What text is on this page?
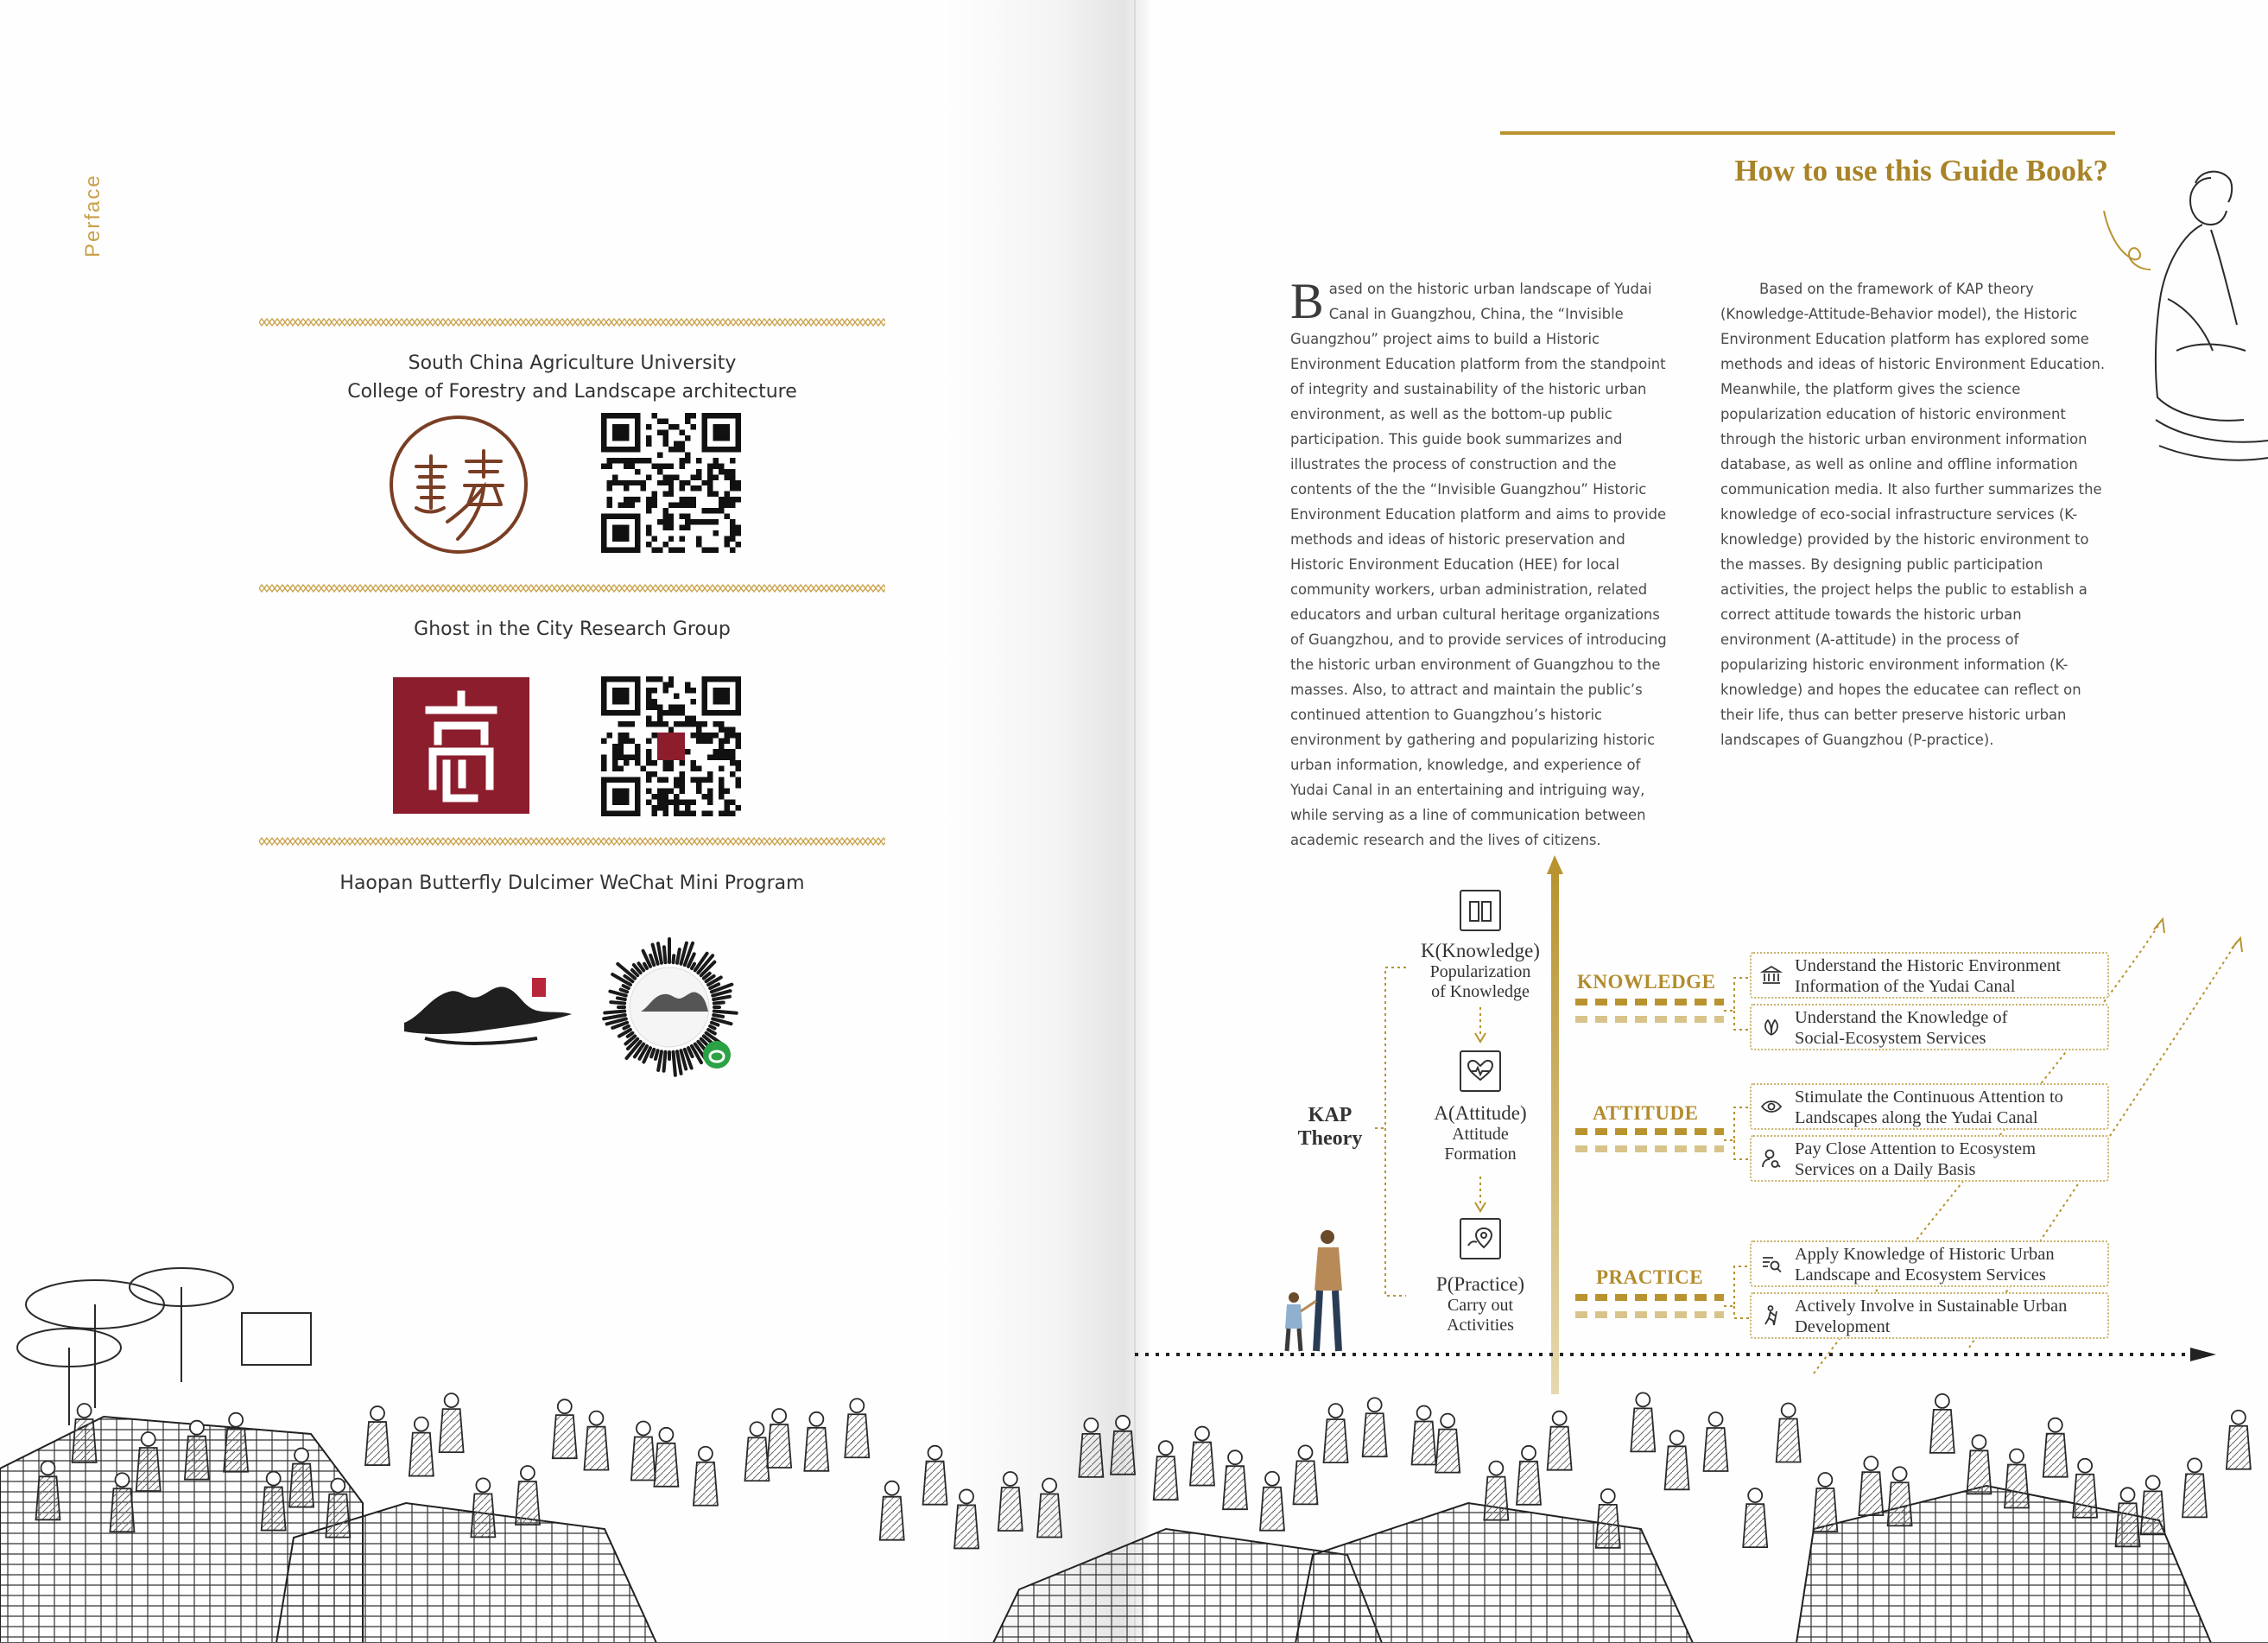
Perface
South China Agriculture University
College of Forestry and Landscape architecture
Ghost in the City Research Group
Haopan Butterfly Dulcimer WeChat Mini Program
How to use this Guide Book?
Based on the historic urban landscape of Yudai Canal in Guangzhou, China, the “Invisible Guangzhou” project aims to build a Historic Environment Education platform from the standpoint of integrity and sustainability of the historic urban environment, as well as the bottom-up public participation. This guide book summarizes and illustrates the process of construction and the contents of the the “Invisible Guangzhou” Historic Environment Education platform and aims to provide methods and ideas of historic preservation and Historic Environment Education (HEE) for local community workers, urban administration, related educators and urban cultural heritage organizations of Guangzhou, and to provide services of introducing the historic urban environment of Guangzhou to the masses. Also, to attract and maintain the public’s continued attention to Guangzhou’s historic environment by gathering and popularizing historic urban information, knowledge, and experience of Yudai Canal in an entertaining and intriguing way, while serving as a line of communication between academic research and the lives of citizens.

Based on the framework of KAP theory (Knowledge-Attitude-Behavior model), the Historic Environment Education platform has explored some methods and ideas of historic Environment Education. Meanwhile, the platform gives the science popularization education of historic environment through the historic urban environment information database, as well as online and offline information communication media. It also further summarizes the knowledge of eco-social infrastructure services (K-knowledge) provided by the historic environment to the masses. By designing public participation activities, the project helps the public to establish a correct attitude towards the historic urban environment (A-attitude) in the process of popularizing historic environment information (K-knowledge) and hopes the educatee can reflect on their life, thus can better preserve historic urban landscapes of Guangzhou (P-practice).

K(Knowledge)
Popularization
of Knowledge
A(Attitude)
Attitude
Formation
P(Practice)
Carry out
Activities
KAP Theory
KNOWLEDGE
ATTITUDE
PRACTICE
Understand the Historic Environment
Information of the Yudai Canal
Understand the Knowledge of
Social-Ecosystem Services
Stimulate the Continuous Attention to
Landscapes along the Yudai Canal
Pay Close Attention to Ecosystem
Services on a Daily Basis
Apply Knowledge of Historic Urban
Landscape and Ecosystem Services
Actively Involve in Sustainable Urban
Development
